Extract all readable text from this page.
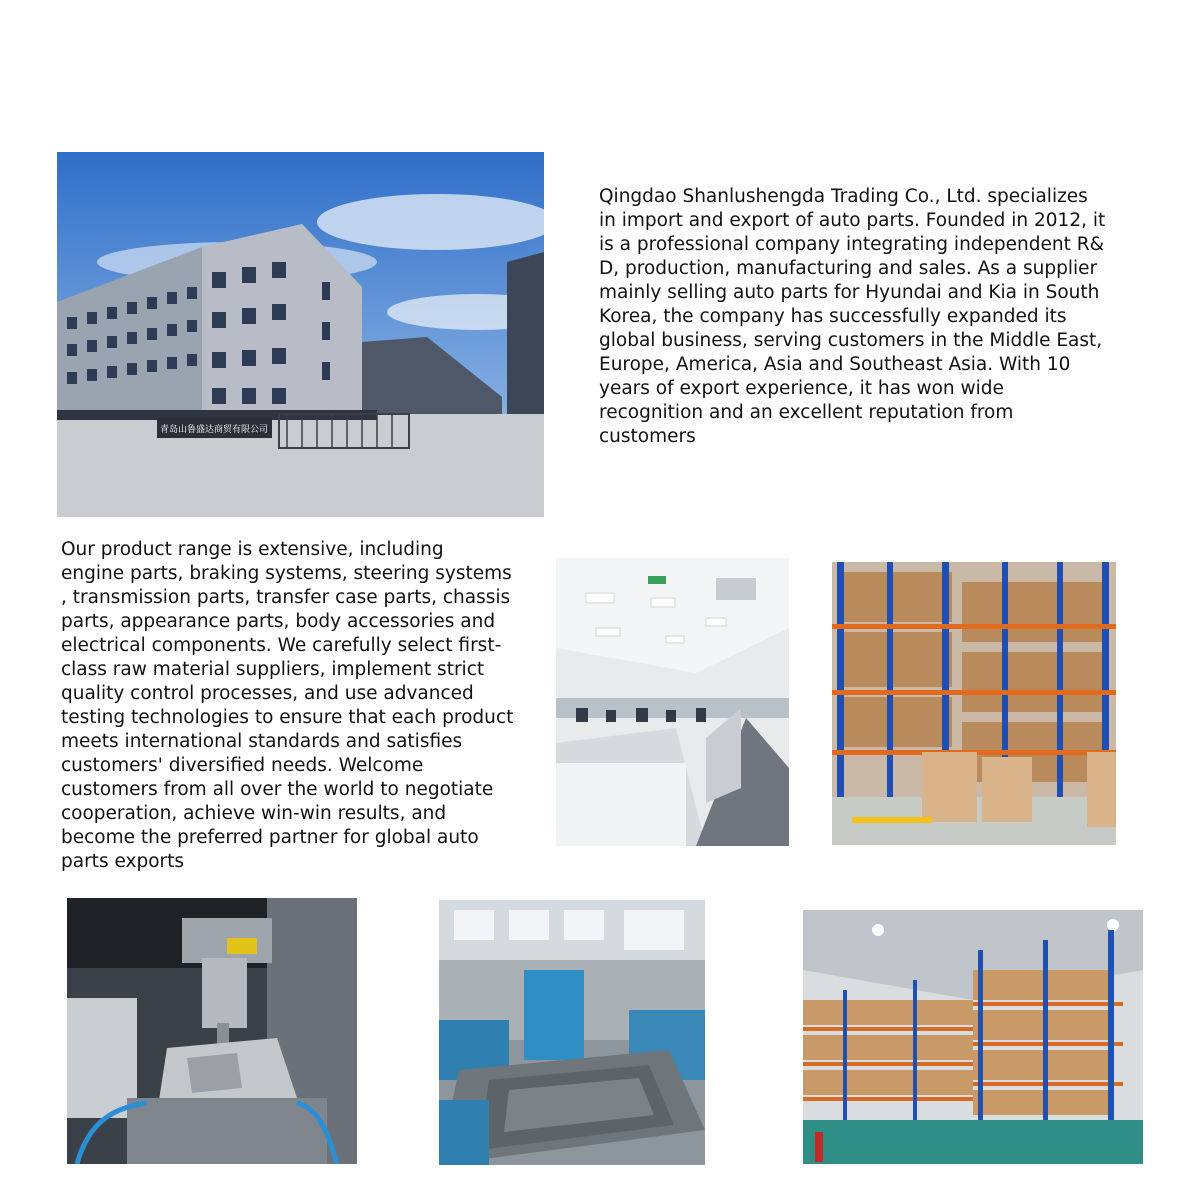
青岛山鲁盛达商贸有限公司

Qingdao Shanlushengda Trading Co., Ltd. specializes
in import and export of auto parts. Founded in 2012, it
is a professional company integrating independent R&
D, production, manufacturing and sales. As a supplier
mainly selling auto parts for Hyundai and Kia in South
Korea, the company has successfully expanded its
global business, serving customers in the Middle East,
Europe, America, Asia and Southeast Asia. With 10
years of export experience, it has won wide
recognition and an excellent reputation from
customers

Our product range is extensive, including
engine parts, braking systems, steering systems
, transmission parts, transfer case parts, chassis
parts, appearance parts, body accessories and
electrical components. We carefully select first-
class raw material suppliers, implement strict
quality control processes, and use advanced
testing technologies to ensure that each product
meets international standards and satisfies
customers' diversified needs. Welcome
customers from all over the world to negotiate
cooperation, achieve win-win results, and
become the preferred partner for global auto
parts exports
